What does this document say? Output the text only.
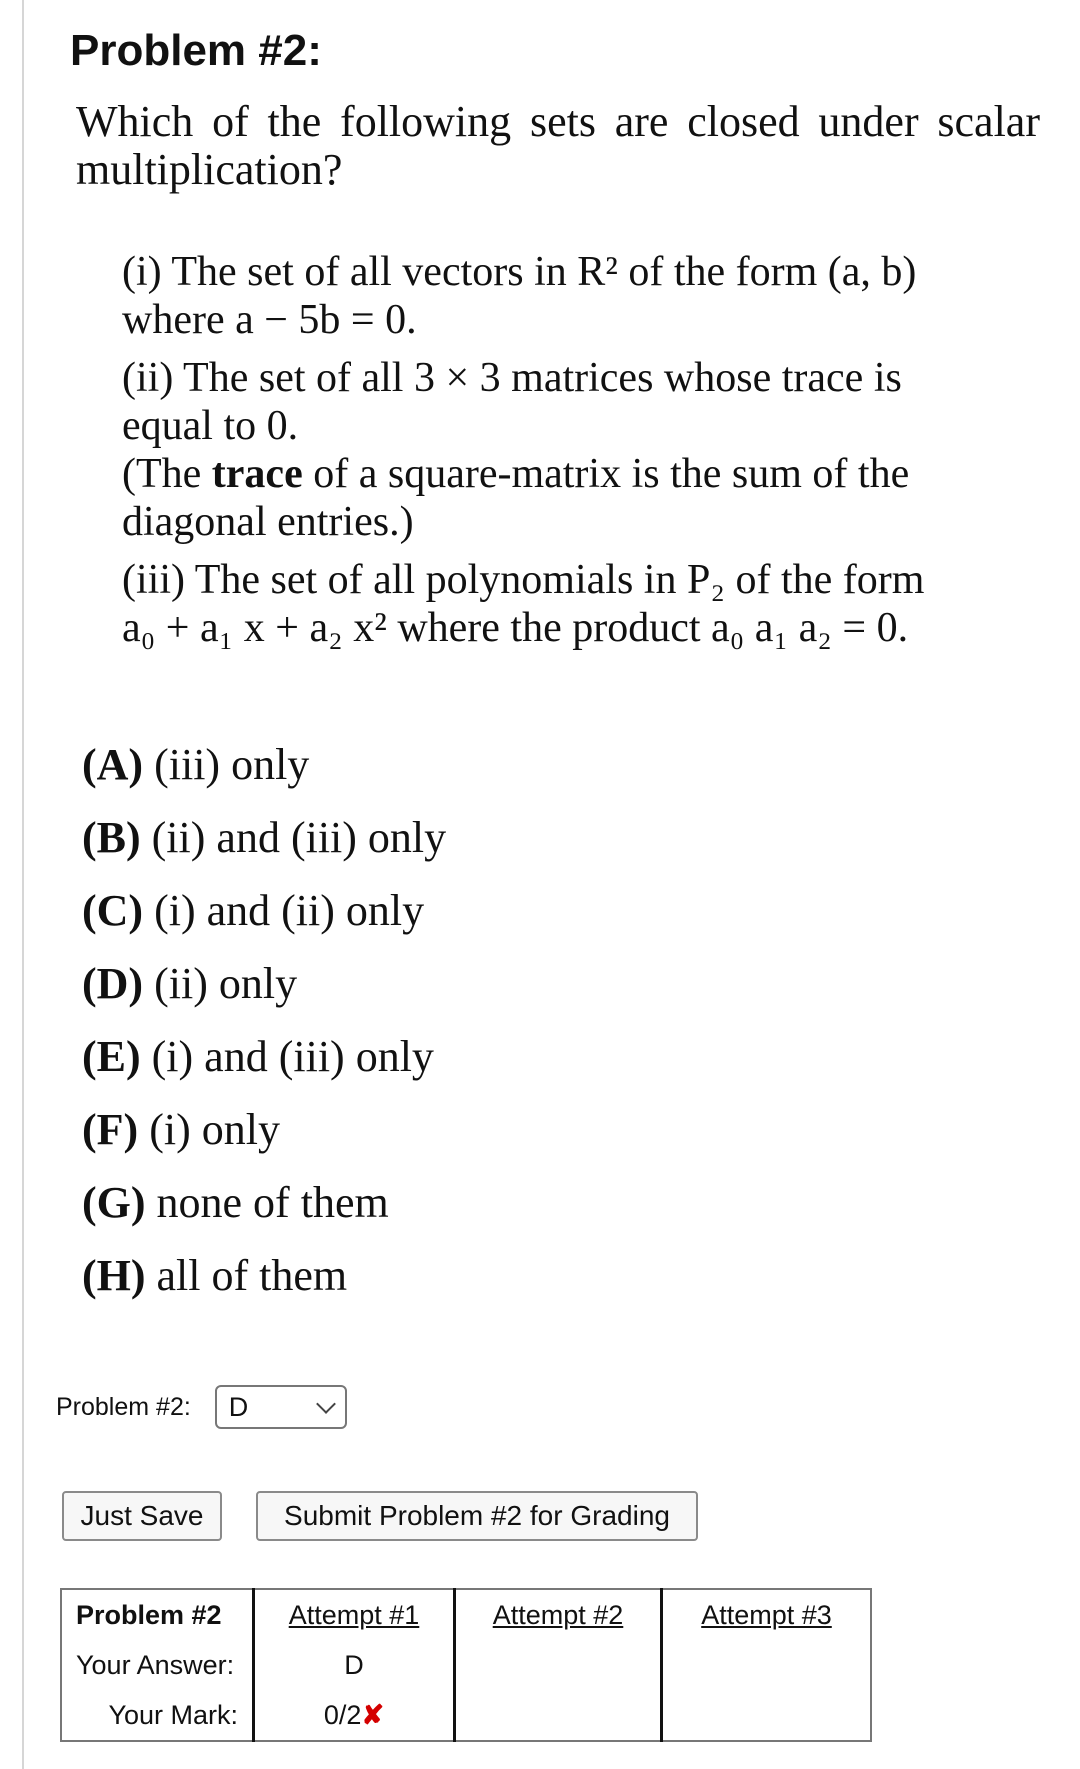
Problem #2:
Which of the following sets are closed under scalar multiplication?

(i) The set of all vectors in R² of the form (a, b)

where a − 5b = 0.

(ii) The set of all 3 × 3 matrices whose trace is

equal to 0.

(The trace of a square-matrix is the sum of the

diagonal entries.)

(iii) The set of all polynomials in P₂ of the form

a₀ + a₁ x + a₂ x² where the product a₀ a₁ a₂ = 0.

(A) (iii) only
(B) (ii) and (iii) only
(C) (i) and (ii) only
(D) (ii) only
(E) (i) and (iii) only
(F) (i) only
(G) none of them
(H) all of them
Problem #2: D
Just Save	Submit Problem #2 for Grading
Problem #2	Attempt #1	Attempt #2	Attempt #3
Your Answer:	D		
Your Mark:	0/2✘		
